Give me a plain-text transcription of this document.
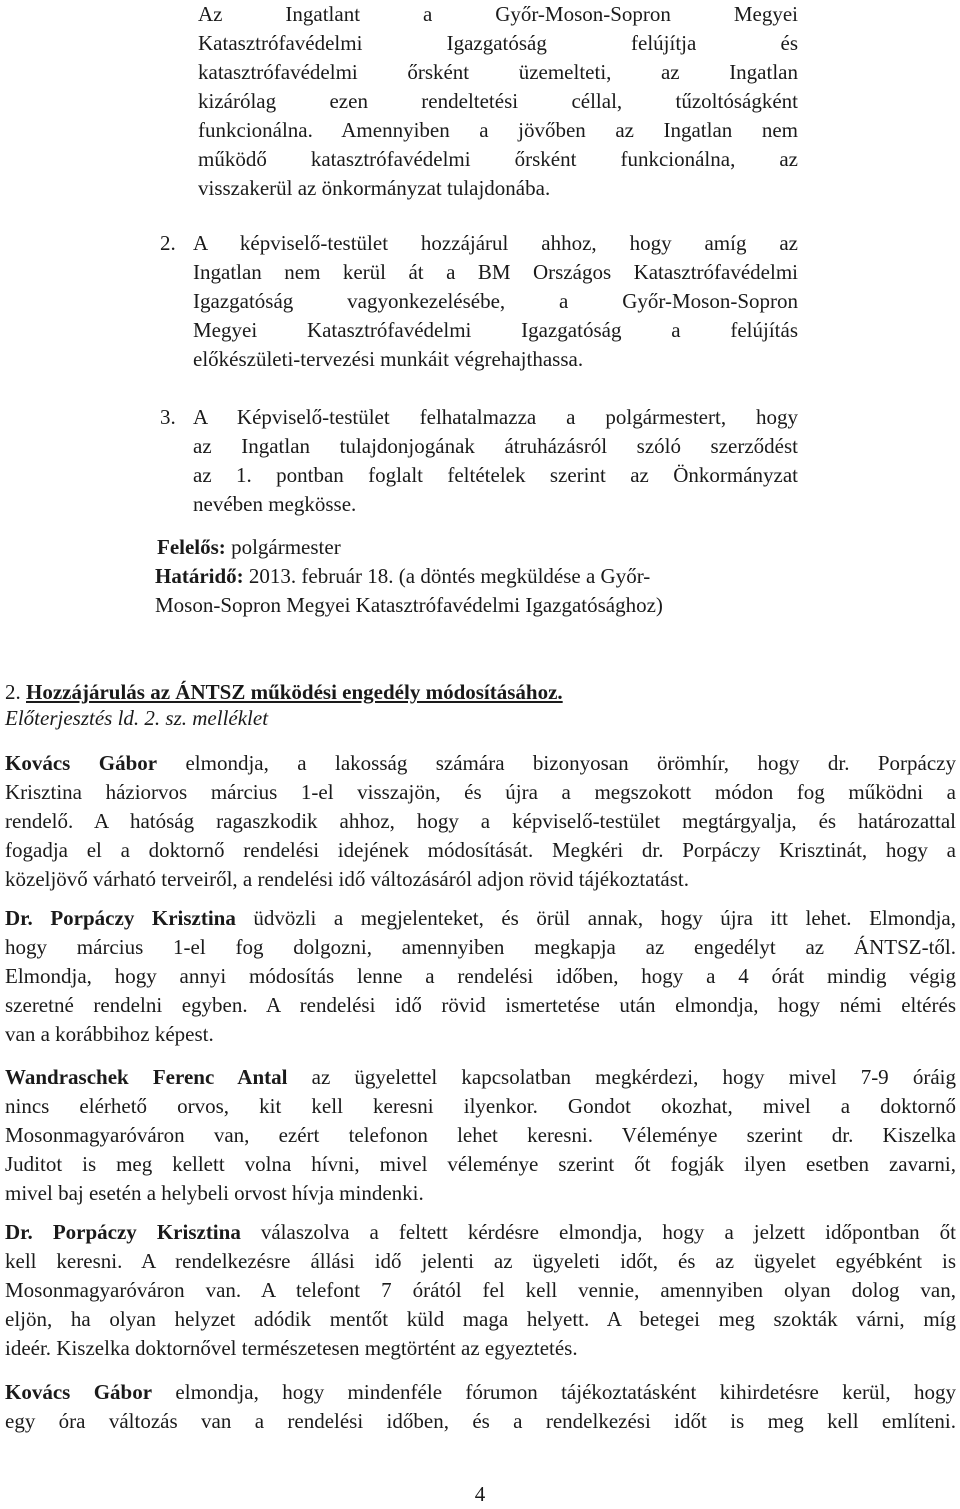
Az Ingatlant a Győr-Moson-Sopron Megyei
Katasztrófavédelmi Igazgatóság felújítja és
katasztrófavédelmi őrsként üzemelteti, az Ingatlan
kizárólag ezen rendeltetési céllal, tűzoltóságként
funkcionálna. Amennyiben a jövőben az Ingatlan nem
működő katasztrófavédelmi őrsként funkcionálna, az
visszakerül az önkormányzat tulajdonába.
2. A képviselő-testület hozzájárul ahhoz, hogy amíg az
Ingatlan nem kerül át a BM Országos Katasztrófavédelmi
Igazgatóság vagyonkezelésébe, a Győr-Moson-Sopron
Megyei Katasztrófavédelmi Igazgatóság a felújítás
előkészületi-tervezési munkáit végrehajthassa.
3. A Képviselő-testület felhatalmazza a polgármestert, hogy
az Ingatlan tulajdonjogának átruházásról szóló szerződést
az 1. pontban foglalt feltételek szerint az Önkormányzat
nevében megkösse.
Felelős: polgármester
Határidő: 2013. február 18. (a döntés megküldése a Győr-
Moson-Sopron Megyei Katasztrófavédelmi Igazgatósághoz)
2. Hozzájárulás az ÁNTSZ működési engedély módosításához.
Előterjesztés ld. 2. sz. melléklet
Kovács Gábor elmondja, a lakosság számára bizonyosan örömhír, hogy dr. Porpáczy
Krisztina háziorvos március 1-el visszajön, és újra a megszokott módon fog működni a
rendelő. A hatóság ragaszkodik ahhoz, hogy a képviselő-testület megtárgyalja, és határozattal
fogadja el a doktornő rendelési idejének módosítását. Megkéri dr. Porpáczy Krisztinát, hogy a
közeljövő várható terveiről, a rendelési idő változásáról adjon rövid tájékoztatást.
Dr. Porpáczy Krisztina üdvözli a megjelenteket, és örül annak, hogy újra itt lehet. Elmondja,
hogy március 1-el fog dolgozni, amennyiben megkapja az engedélyt az ÁNTSZ-től.
Elmondja, hogy annyi módosítás lenne a rendelési időben, hogy a 4 órát mindig végig
szeretné rendelni egyben. A rendelési idő rövid ismertetése után elmondja, hogy némi eltérés
van a korábbihoz képest.
Wandraschek Ferenc Antal az ügyelettel kapcsolatban megkérdezi, hogy mivel 7-9 óráig
nincs elérhető orvos, kit kell keresni ilyenkor. Gondot okozhat, mivel a doktornő
Mosonmagyaróváron van, ezért telefonon lehet keresni. Véleménye szerint dr. Kiszelka
Juditot is meg kellett volna hívni, mivel véleménye szerint őt fogják ilyen esetben zavarni,
mivel baj esetén a helybeli orvost hívja mindenki.
Dr. Porpáczy Krisztina válaszolva a feltett kérdésre elmondja, hogy a jelzett időpontban őt
kell keresni. A rendelkezésre állási idő jelenti az ügyeleti időt, és az ügyelet egyébként is
Mosonmagyaróváron van. A telefont 7 órától fel kell vennie, amennyiben olyan dolog van,
eljön, ha olyan helyzet adódik mentőt küld maga helyett. A betegei meg szokták várni, míg
ideér. Kiszelka doktornővel természetesen megtörtént az egyeztetés.
Kovács Gábor elmondja, hogy mindenféle fórumon tájékoztatásként kihirdetésre kerül, hogy
egy óra változás van a rendelési időben, és a rendelkezési időt is meg kell említeni.
4
